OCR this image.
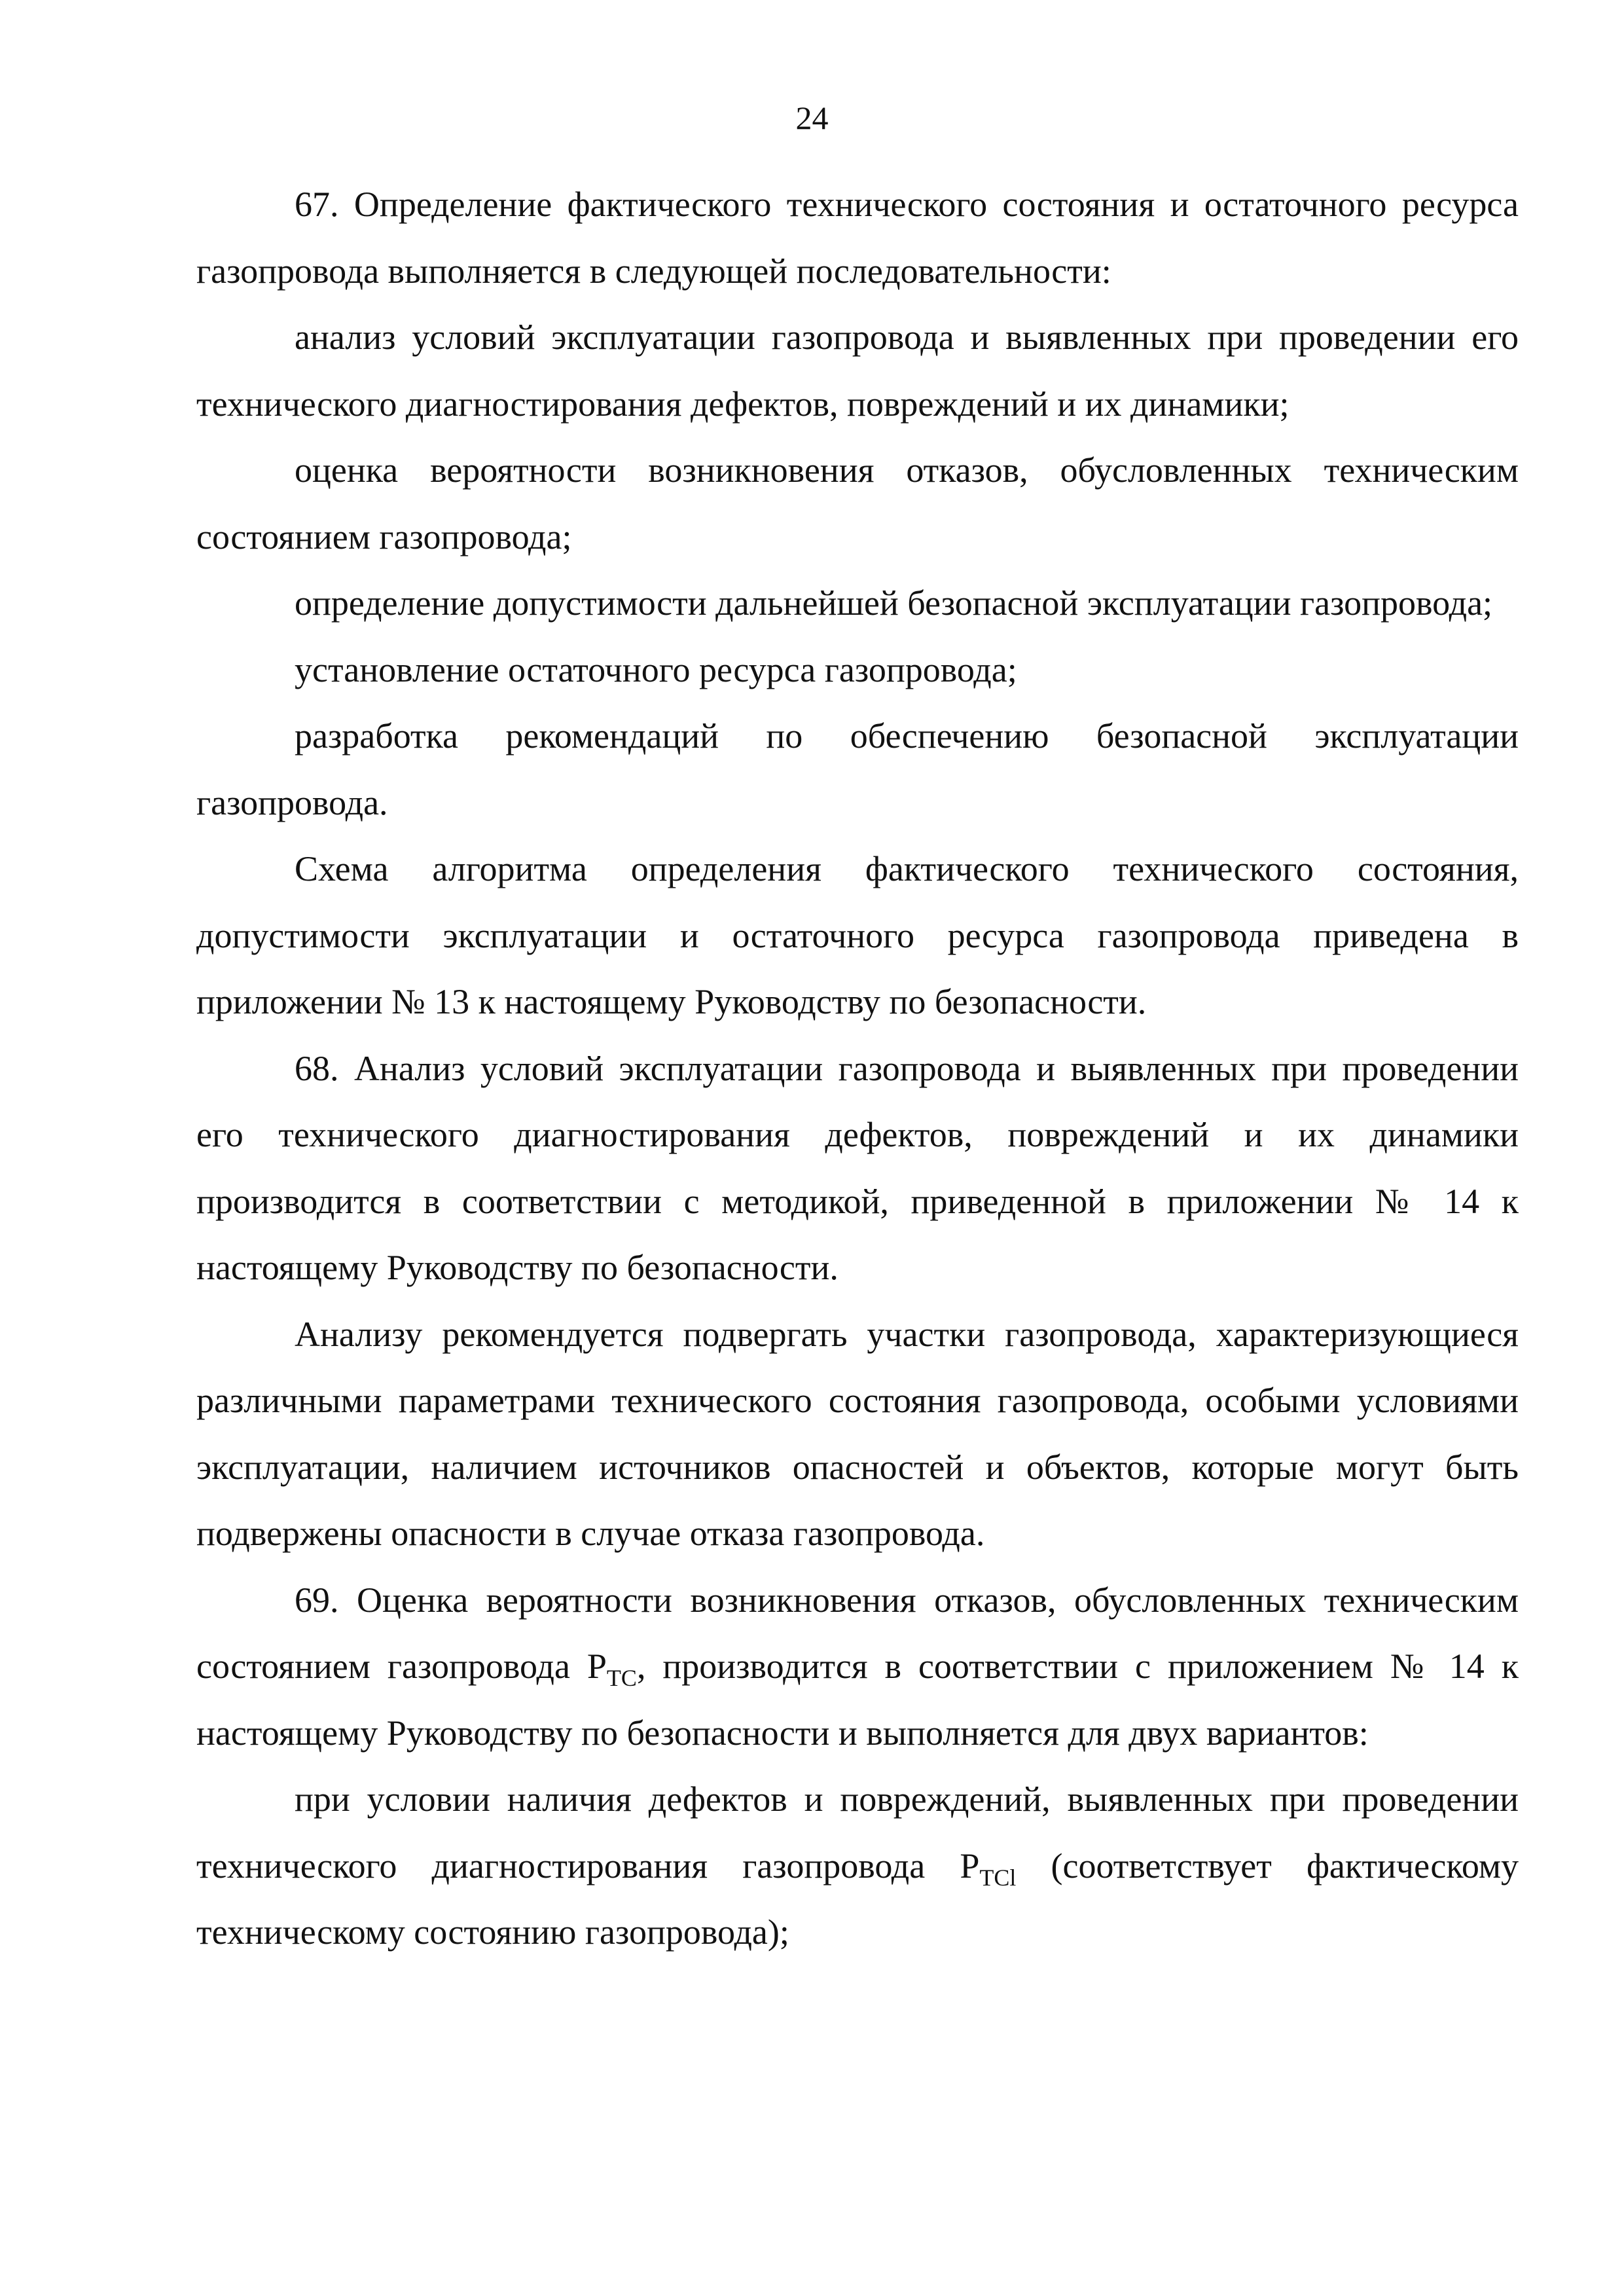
24

67. Определение фактического технического состояния и остаточного ресурса газопровода выполняется в следующей последовательности:

анализ условий эксплуатации газопровода и выявленных при проведении его технического диагностирования дефектов, повреждений и их динамики;

оценка вероятности возникновения отказов, обусловленных техническим состоянием газопровода;

определение допустимости дальнейшей безопасной эксплуатации газопровода;

установление остаточного ресурса газопровода;

разработка рекомендаций по обеспечению безопасной эксплуатации газопровода.

Схема алгоритма определения фактического технического состояния, допустимости эксплуатации и остаточного ресурса газопровода приведена в приложении № 13 к настоящему Руководству по безопасности.

68. Анализ условий эксплуатации газопровода и выявленных при проведении его технического диагностирования дефектов, повреждений и их динамики производится в соответствии с методикой, приведенной в приложении № 14 к настоящему Руководству по безопасности.

Анализу рекомендуется подвергать участки газопровода, характеризующиеся различными параметрами технического состояния газопровода, особыми условиями эксплуатации, наличием источников опасностей и объектов, которые могут быть подвержены опасности в случае отказа газопровода.

69. Оценка вероятности возникновения отказов, обусловленных техническим состоянием газопровода $P_{TC}$, производится в соответствии с приложением № 14 к настоящему Руководству по безопасности и выполняется для двух вариантов:

при условии наличия дефектов и повреждений, выявленных при проведении технического диагностирования газопровода $P_{TCl}$ (соответствует фактическому техническому состоянию газопровода);
